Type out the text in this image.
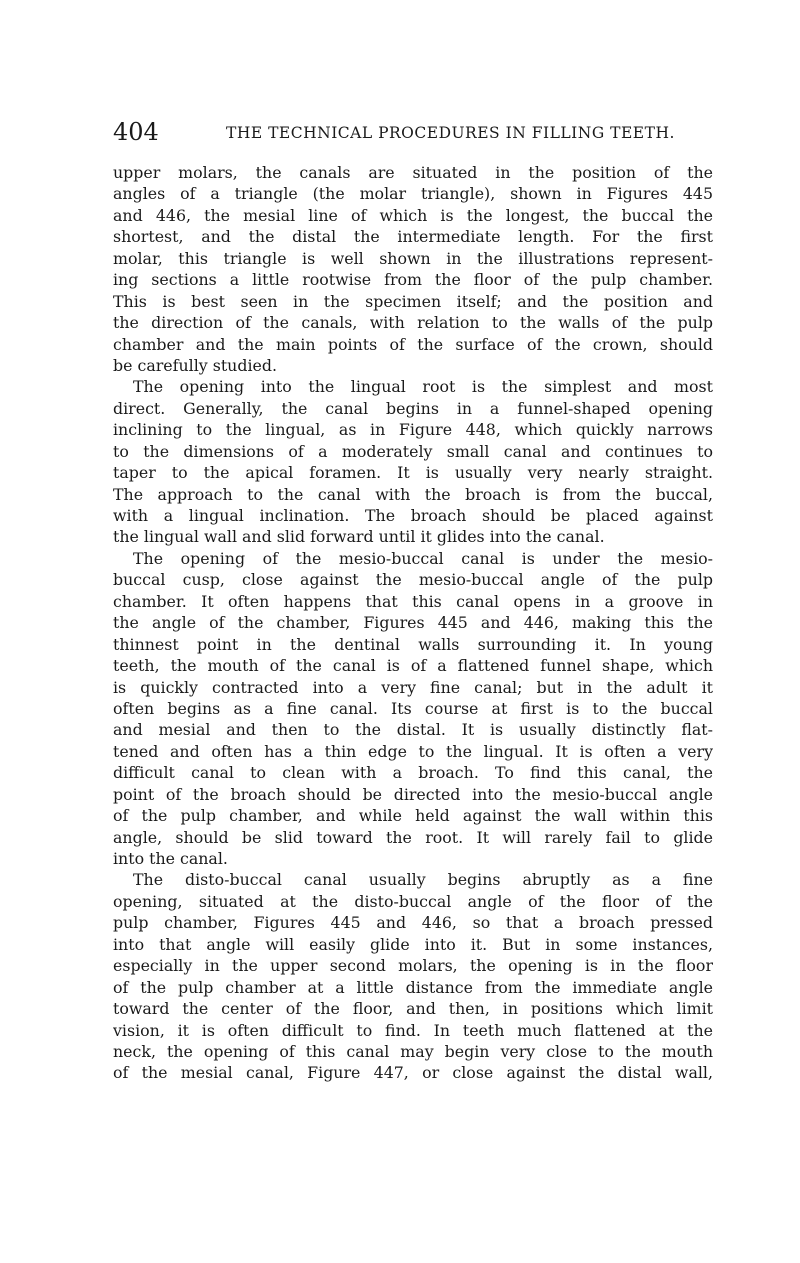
404	THE TECHNICAL PROCEDURES IN FILLING TEETH.
upper molars, the canals are situated in the position of the
angles of a triangle (the molar triangle), shown in Figures 445
and 446, the mesial line of which is the longest, the buccal the
shortest, and the distal the intermediate length. For the first
molar, this triangle is well shown in the illustrations represent-
ing sections a little rootwise from the floor of the pulp chamber.
This is best seen in the specimen itself; and the position and
the direction of the canals, with relation to the walls of the pulp
chamber and the main points of the surface of the crown, should
be carefully studied.
The opening into the lingual root is the simplest and most
direct. Generally, the canal begins in a funnel-shaped opening
inclining to the lingual, as in Figure 448, which quickly narrows
to the dimensions of a moderately small canal and continues to
taper to the apical foramen. It is usually very nearly straight.
The approach to the canal with the broach is from the buccal,
with a lingual inclination. The broach should be placed against
the lingual wall and slid forward until it glides into the canal.
The opening of the mesio-buccal canal is under the mesio-
buccal cusp, close against the mesio-buccal angle of the pulp
chamber. It often happens that this canal opens in a groove in
the angle of the chamber, Figures 445 and 446, making this the
thinnest point in the dentinal walls surrounding it. In young
teeth, the mouth of the canal is of a flattened funnel shape, which
is quickly contracted into a very fine canal; but in the adult it
often begins as a fine canal. Its course at first is to the buccal
and mesial and then to the distal. It is usually distinctly flat-
tened and often has a thin edge to the lingual. It is often a very
difficult canal to clean with a broach. To find this canal, the
point of the broach should be directed into the mesio-buccal angle
of the pulp chamber, and while held against the wall within this
angle, should be slid toward the root. It will rarely fail to glide
into the canal.
The disto-buccal canal usually begins abruptly as a fine
opening, situated at the disto-buccal angle of the floor of the
pulp chamber, Figures 445 and 446, so that a broach pressed
into that angle will easily glide into it. But in some instances,
especially in the upper second molars, the opening is in the floor
of the pulp chamber at a little distance from the immediate angle
toward the center of the floor, and then, in positions which limit
vision, it is often difficult to find. In teeth much flattened at the
neck, the opening of this canal may begin very close to the mouth
of the mesial canal, Figure 447, or close against the distal wall,
